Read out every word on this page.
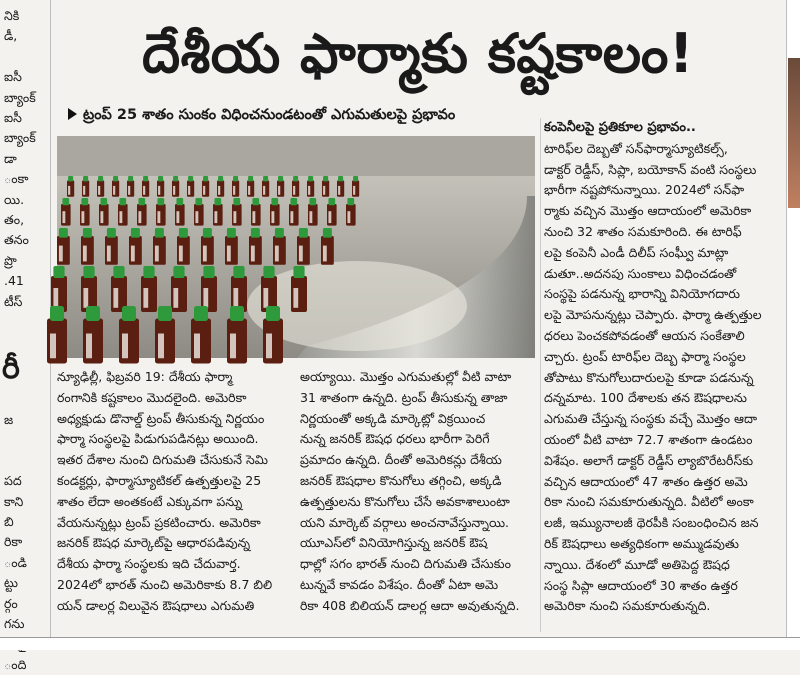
నికి
డీ,

ఐసీ
బ్యాంక్
ఐసీ
బ్యాంక్
డా
ంకా
యి.
తం,
తనం
ప్రొ
.41
టీస్
రీ
జ

పద
కాని
బి
రికా
ండి
ట్టు
ర్గం
గను
ంది
దేశీయ ఫార్మాకు కష్టకాలం!
ట్రంప్ 25 శాతం సుంకం విధించనుండటంతో ఎగుమతులపై ప్రభావం

న్యూఢిల్లీ, ఫిబ్రవరి 19: దేశీయ ఫార్మా

రంగానికి కష్టకాలం మొదలైంది. అమెరికా

అధ్యక్షుడు డొనాల్డ్ ట్రంప్ తీసుకున్న నిర్ణయం

ఫార్మా సంస్థలపై పిడుగుపడినట్లు అయింది.

ఇతర దేశాల నుంచి దిగుమతి చేసుకునే సెమి

కండక్టర్లు, ఫార్మాస్యూటికల్ ఉత్పత్తులపై 25

శాతం లేదా అంతకంటే ఎక్కువగా పన్ను

వేయనున్నట్లు ట్రంప్ ప్రకటించారు. అమెరికా

జనరిక్ ఔషధ మార్కెట్‌పై ఆధారపడివున్న

దేశీయ ఫార్మా సంస్థలకు ఇది చేదువార్త.

2024లో భారత్ నుంచి అమెరికాకు 8.7 బిలి

యన్ డాలర్ల విలువైన ఔషధాలు ఎగుమతి

అయ్యాయి. మొత్తం ఎగుమతుల్లో వీటి వాటా

31 శాతంగా ఉన్నది. ట్రంప్ తీసుకున్న తాజా

నిర్ణయంతో అక్కడి మార్కెట్లో విక్రయించ

నున్న జనరిక్ ఔషధ ధరలు భారీగా పెరిగే

ప్రమాదం ఉన్నది. దీంతో అమెరికన్లు దేశీయ

జనరిక్ ఔషధాల కొనుగోలు తగ్గించి, అక్కడి

ఉత్పత్తులను కొనుగోలు చేసే అవకాశాలుంటా

యని మార్కెట్ వర్గాలు అంచనావేస్తున్నాయి.

యూఎస్‌లో వినియోగిస్తున్న జనరిక్ ఔష

ధాల్లో సగం భారత్ నుంచి దిగుమతి చేసుకుం

టున్నవే కావడం విశేషం. దీంతో ఏటా అమె

రికా 408 బిలియన్ డాలర్ల ఆదా అవుతున్నది.

కంపెనీలపై ప్రతికూల ప్రభావం..

టారిఫ్‌ల దెబ్బతో సన్‌ఫార్మాస్యూటికల్స్,

డాక్టర్ రెడ్డీస్, సిప్లా, బయోకాన్ వంటి సంస్థలు

భారీగా నష్టపోనున్నాయి. 2024లో సన్‌ఫా

ర్మాకు వచ్చిన మొత్తం ఆదాయంలో అమెరికా

నుంచి 32 శాతం సమకూరింది. ఈ టారిఫ్

లపై కంపెనీ ఎండీ దిలీప్ సంఘ్వీ మాట్లా

డుతూ..అదనపు సుంకాలు విధించడంతో

సంస్థపై పడనున్న భారాన్ని వినియోగదారు

లపై మోపనున్నట్లు చెప్పారు. ఫార్మా ఉత్పత్తుల

ధరలు పెంచకపోవడంతో ఆయన సంకేతాలి

చ్చారు. ట్రంప్ టారిఫ్‌ల దెబ్బ ఫార్మా సంస్థల

తోపాటు కొనుగోలుదారులపై కూడా పడనున్న

దన్నమాట. 100 దేశాలకు తన ఔషధాలను

ఎగుమతి చేస్తున్న సంస్థకు వచ్చే మొత్తం ఆదా

యంలో వీటి వాటా 72.7 శాతంగా ఉండటం

విశేషం. అలాగే డాక్టర్ రెడ్డీస్ ల్యాబొరేటరీస్‌కు

వచ్చిన ఆదాయంలో 47 శాతం ఉత్తర అమె

రికా నుంచి సమకూరుతున్నది. వీటిలో అంకా

లజీ, ఇమ్యునాలజీ థెరపీకి సంబంధించిన జన

రిక్ ఔషధాలు అత్యధికంగా అమ్ముడవుతు

న్నాయి. దేశంలో మూడో అతిపెద్ద ఔషధ

సంస్థ సిప్లా ఆదాయంలో 30 శాతం ఉత్తర

అమెరికా నుంచి సమకూరుతున్నది.
